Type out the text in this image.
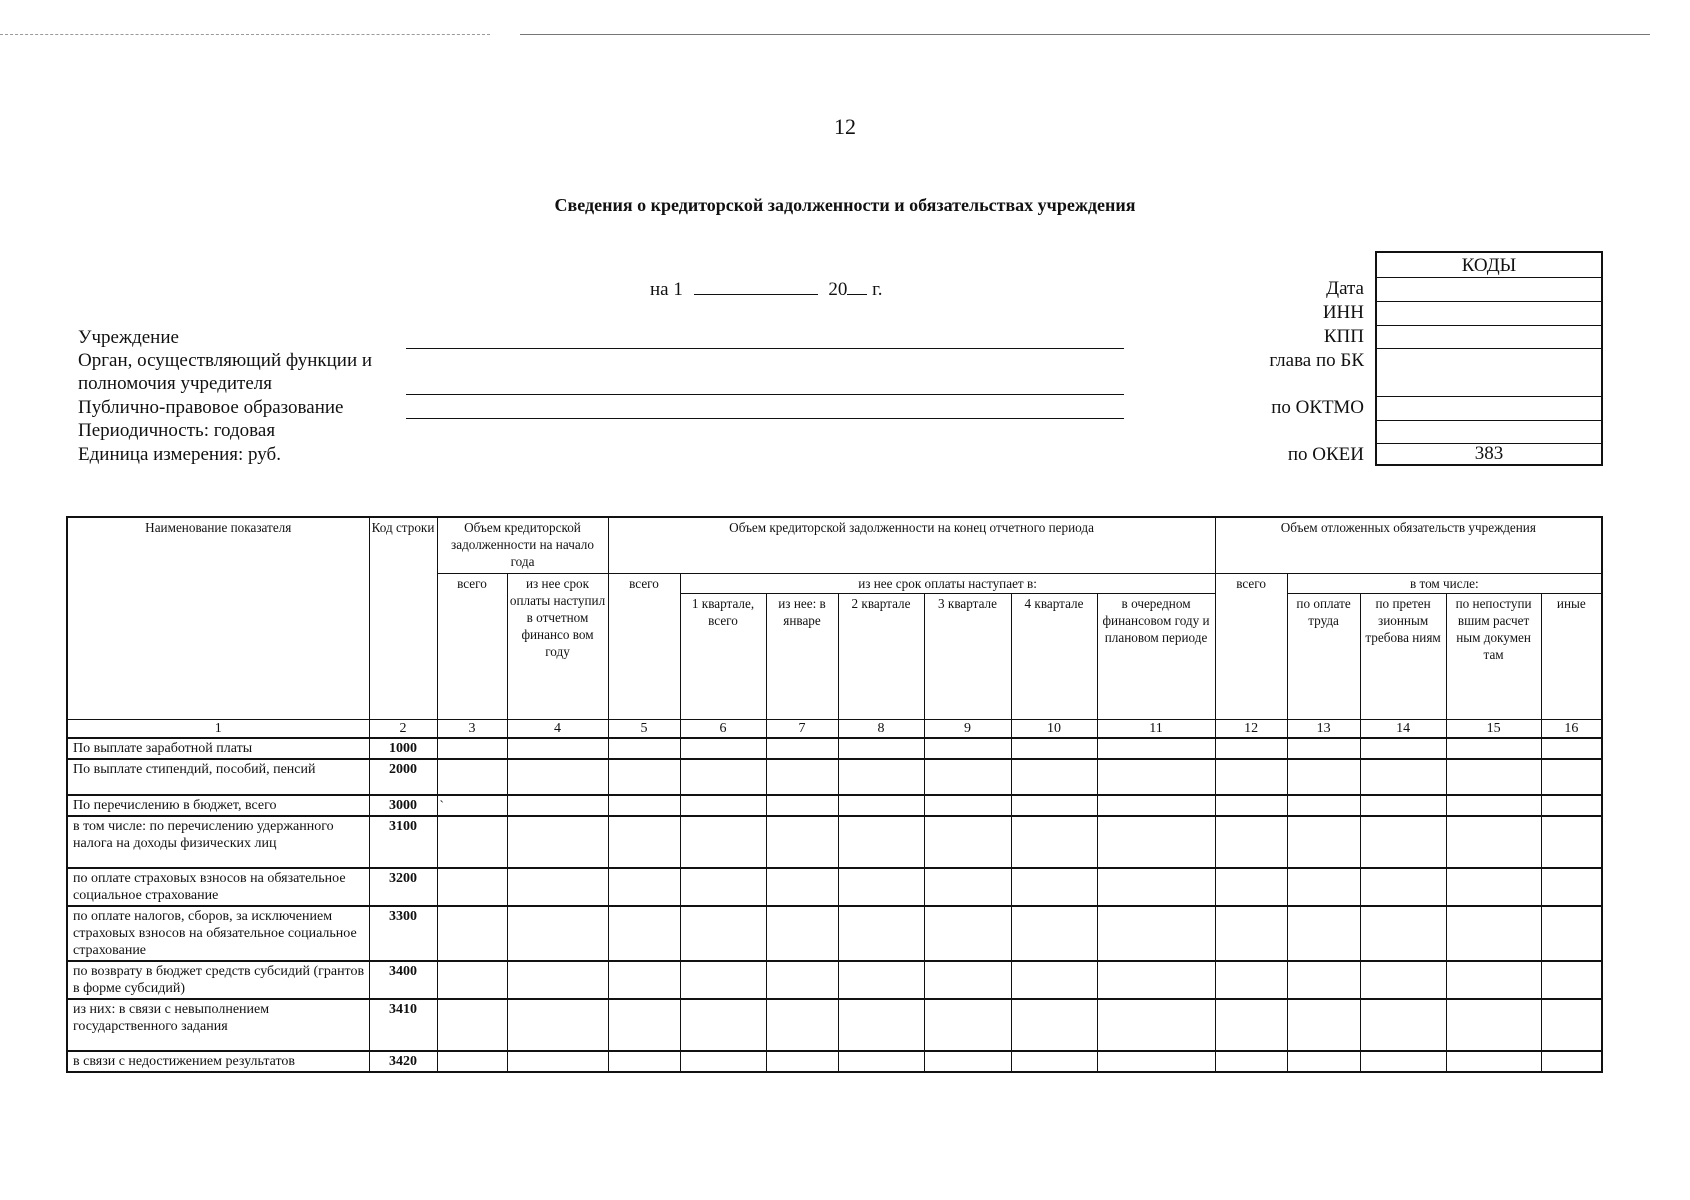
12
Сведения о кредиторской задолженности и обязательствах учреждения
на 1	20 г.
Учреждение
Орган, осуществляющий функции и
полномочия учредителя
Публично-правовое образование
Периодичность: годовая
Единица измерения: руб.
Дата
ИНН
КПП
глава по БК
по ОКТМО
по ОКЕИ
КОДЫ
383
Наименование показателя	Код строки	Объем кредиторской задолженности на начало года		Объем кредиторской задолженности на конец отчетного периода							Объем отложенных обязательств учреждения				
		всего	из нее срок оплаты наступил в отчетном финансо вом году	всего	из нее срок оплаты наступает в:						всего	в том числе:			
					1 квартале, всего	из нее: в январе	2 квартале	3 квартале	4 квартале	в очередном финансовом году и плановом периоде		по оплате труда	по претен зионным требова ниям	по непоступи вшим расчет ным докумен там	иные
1	2	3	4	5	6	7	8	9	10	11	12	13	14	15	16
По выплате заработной платы	1000														
По выплате стипендий, пособий, пенсий	2000														
По перечислению в бюджет, всего	3000	`													
в том числе: по перечислению удержанного налога на доходы физических лиц	3100														
по оплате страховых взносов на обязательное социальное страхование	3200														
по оплате налогов, сборов, за исключением страховых взносов на обязательное социальное страхование	3300														
по возврату в бюджет средств субсидий (грантов в форме субсидий)	3400														
из них: в связи с невыполнением государственного задания	3410														
в связи с недостижением результатов	3420														
